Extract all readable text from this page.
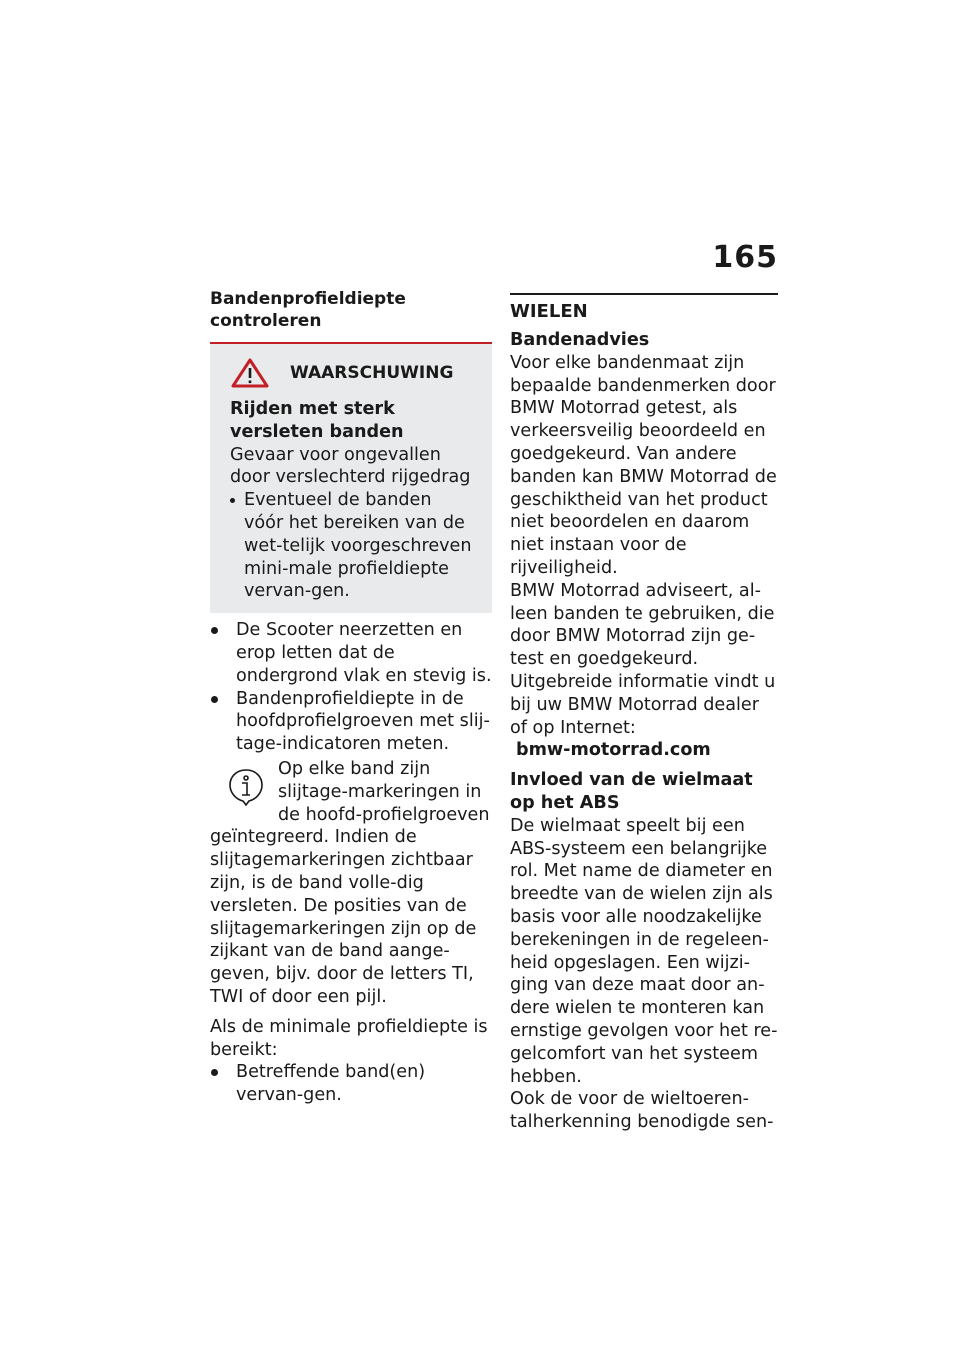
165
Bandenprofieldiepte controleren
WAARSCHUWING

Rijden met sterk versleten banden

Gevaar voor ongevallen door verslechterd rijgedrag

Eventueel de banden vóór het bereiken van de wet-telijk voorgeschreven mini-male profieldiepte vervan-gen.
De Scooter neerzetten en erop letten dat de ondergrond vlak en stevig is.
Bandenprofieldiepte in de hoofdprofielgroeven met slij-tage-indicatoren meten.

Op elke band zijn slijtage-markeringen in de hoofd-profielgroeven geïntegreerd. Indien de slijtagemarkeringen zichtbaar zijn, is de band volle-dig versleten. De posities van de slijtagemarkeringen zijn op de zijkant van de band aange-geven, bijv. door de letters TI, TWI of door een pijl.

Als de minimale profieldiepte is bereikt:

Betreffende band(en) vervan-gen.
WIELEN
Bandenadvies

Voor elke bandenmaat zijn bepaalde bandenmerken door BMW Motorrad getest, als verkeersveilig beoordeeld en goedgekeurd. Van andere banden kan BMW Motorrad de geschiktheid van het product niet beoordelen en daarom niet instaan voor de rijveiligheid.

BMW Motorrad adviseert, al-leen banden te gebruiken, die door BMW Motorrad zijn ge-test en goedgekeurd.

Uitgebreide informatie vindt u bij uw BMW Motorrad dealer of op Internet:

bmw-motorrad.com

Invloed van de wielmaat op het ABS

De wielmaat speelt bij een ABS-systeem een belangrijke rol. Met name de diameter en breedte van de wielen zijn als basis voor alle noodzakelijke berekeningen in de regeleen-heid opgeslagen. Een wijzi-ging van deze maat door an-dere wielen te monteren kan ernstige gevolgen voor het re-gelcomfort van het systeem hebben.

Ook de voor de wieltoeren-talherkenning benodigde sen-
